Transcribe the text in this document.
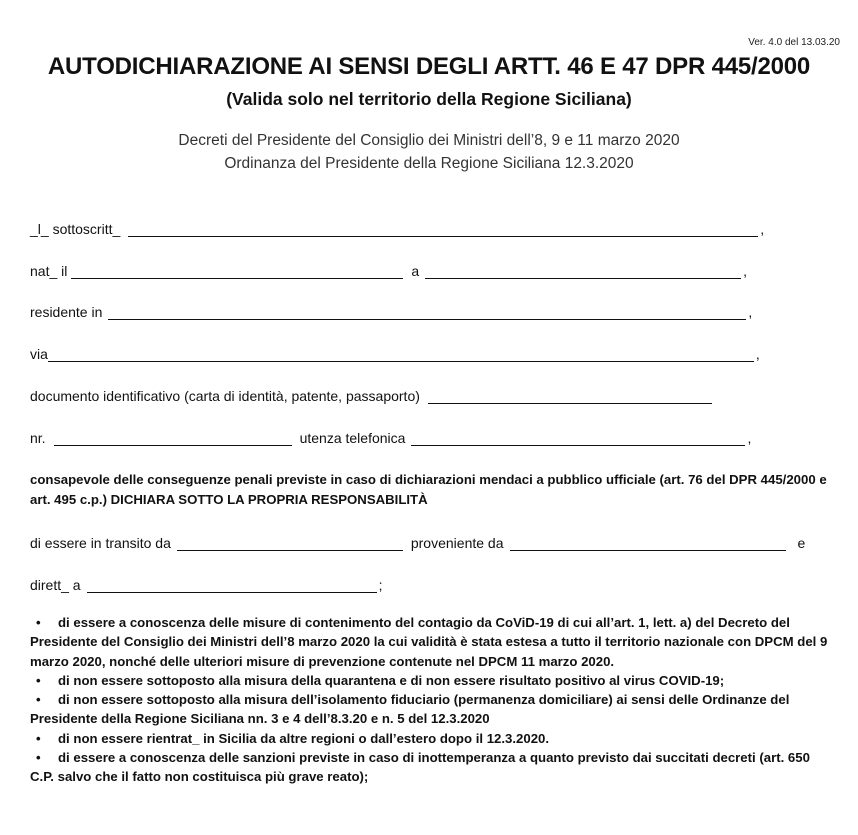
Ver. 4.0 del 13.03.20
AUTODICHIARAZIONE AI SENSI DEGLI ARTT. 46 E 47 DPR 445/2000
(Valida solo nel territorio della Regione Siciliana)
Decreti del Presidente del Consiglio dei Ministri dell’8, 9 e 11 marzo 2020
Ordinanza del Presidente della Regione Siciliana 12.3.2020
_l_ sottoscritt_	,
nat_ il	a	,
residente in	,
via	,
documento identificativo (carta di identità, patente, passaporto)
nr.	utenza telefonica	,
consapevole delle conseguenze penali previste in caso di dichiarazioni mendaci a pubblico ufficiale (art. 76 del DPR 445/2000 e art. 495 c.p.) DICHIARA SOTTO LA PROPRIA RESPONSABILITÀ
di essere in transito da	proveniente da	e
dirett_ a	;
• di essere a conoscenza delle misure di contenimento del contagio da CoViD-19 di cui all’art. 1, lett. a) del Decreto del Presidente del Consiglio dei Ministri dell’8 marzo 2020 la cui validità è stata estesa a tutto il territorio nazionale con DPCM del 9 marzo 2020, nonché delle ulteriori misure di prevenzione contenute nel DPCM 11 marzo 2020.
• di non essere sottoposto alla misura della quarantena e di non essere risultato positivo al virus COVID-19;
• di non essere sottoposto alla misura dell’isolamento fiduciario (permanenza domiciliare) ai sensi delle Ordinanze del Presidente della Regione Siciliana nn. 3 e 4 dell’8.3.20 e n. 5 del 12.3.2020
• di non essere rientrat_ in Sicilia da altre regioni o dall’estero dopo il 12.3.2020.
• di essere a conoscenza delle sanzioni previste in caso di inottemperanza a quanto previsto dai succitati decreti (art. 650 C.P. salvo che il fatto non costituisca più grave reato);
